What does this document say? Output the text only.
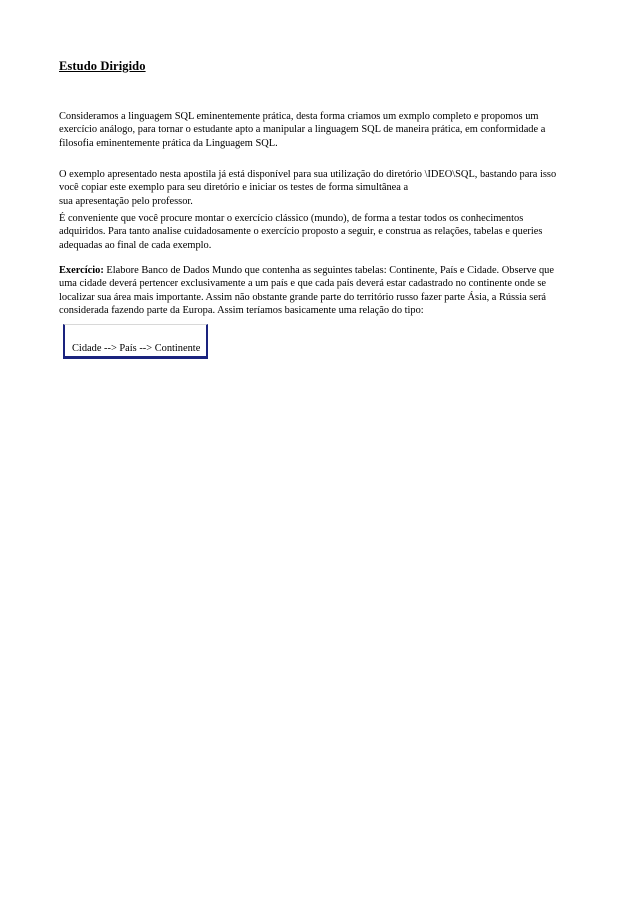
Estudo Dirigido
Consideramos a linguagem SQL eminentemente prática, desta forma criamos um exmplo completo e propomos um
exercício análogo, para tornar o estudante apto a manipular a linguagem SQL de maneira prática, em conformidade a
filosofia eminentemente prática da Linguagem SQL.
O exemplo apresentado nesta apostila já está disponível para sua utilização do diretório \IDEO\SQL, bastando para isso
você copiar este exemplo para seu diretório e iniciar os testes de forma simultânea a
sua apresentação pelo professor.
É conveniente que você procure montar o exercício clássico (mundo), de forma a testar todos os conhecimentos
adquiridos. Para tanto analise cuidadosamente o exercício proposto a seguir, e construa as relações, tabelas e queries
adequadas ao final de cada exemplo.
Exercício: Elabore Banco de Dados Mundo que contenha as seguintes tabelas: Continente, País e Cidade. Observe que
uma cidade deverá pertencer exclusivamente a um país e que cada país deverá estar cadastrado no continente onde se
localizar sua área mais importante. Assim não obstante grande parte do território russo fazer parte Ásia, a Rússia será
considerada fazendo parte da Europa. Assim teríamos basicamente uma relação do tipo:
Cidade --> País --> Continente
